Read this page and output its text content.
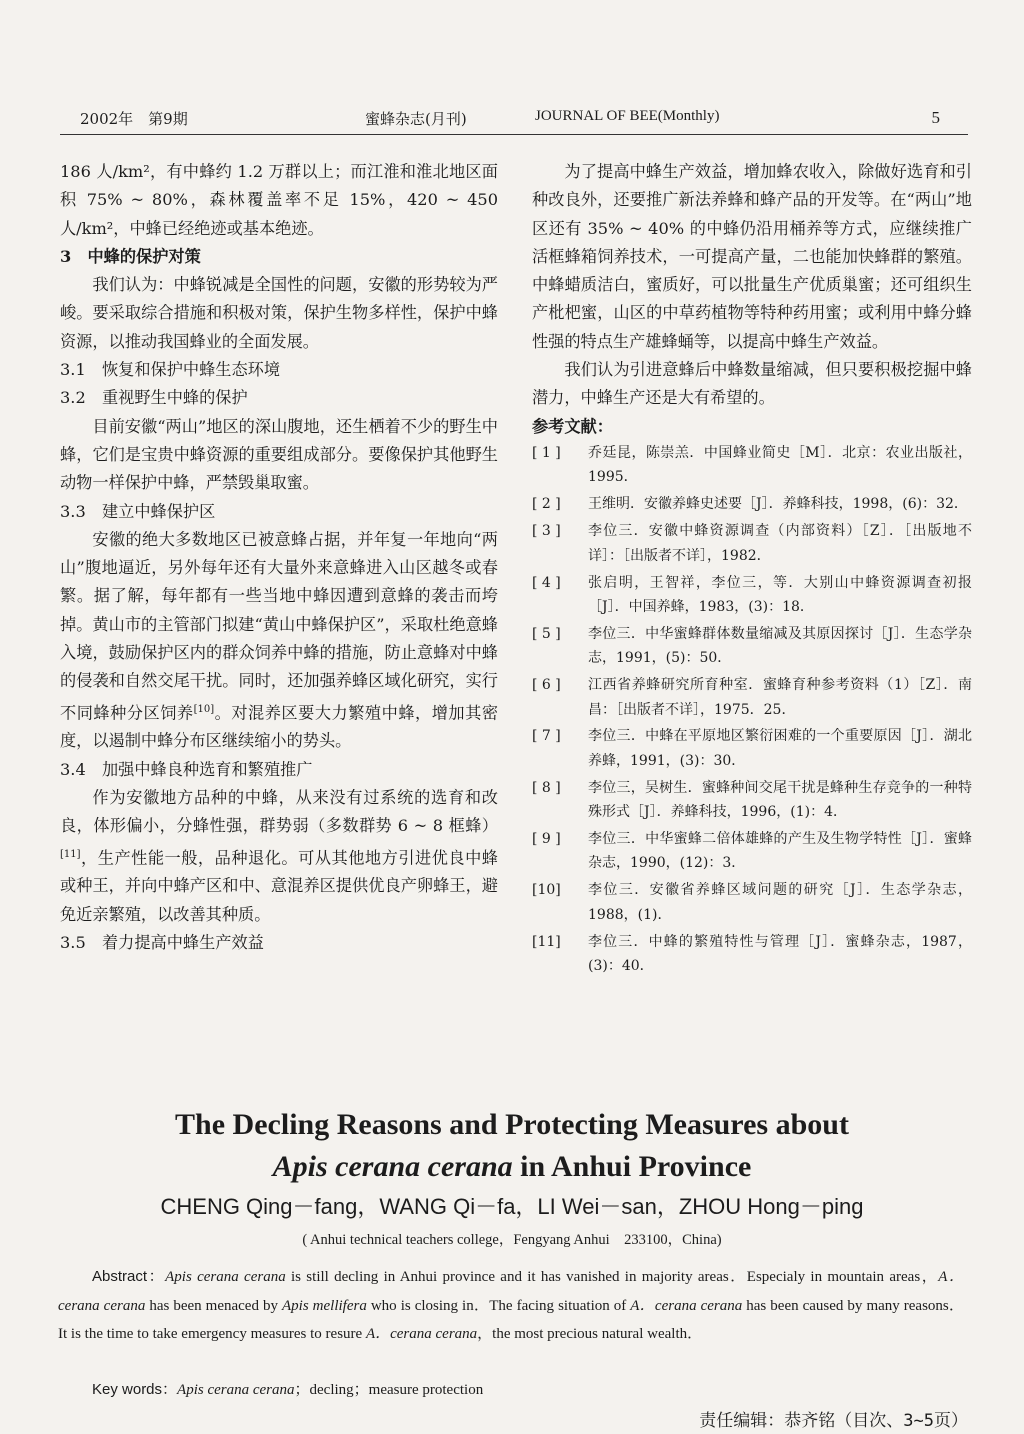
2002年　第9期	蜜蜂杂志(月刊)	JOURNAL OF BEE(Monthly)	5

186 人/km²，有中蜂约 1.2 万群以上；而江淮和淮北地区面积 75% ~ 80%，森林覆盖率不足 15%，420 ~ 450 人/km²，中蜂已经绝迹或基本绝迹。

3　中蜂的保护对策

我们认为：中蜂锐减是全国性的问题，安徽的形势较为严峻。要采取综合措施和积极对策，保护生物多样性，保护中蜂资源，以推动我国蜂业的全面发展。

3.1 恢复和保护中蜂生态环境

3.2 重视野生中蜂的保护

目前安徽“两山”地区的深山腹地，还生栖着不少的野生中蜂，它们是宝贵中蜂资源的重要组成部分。要像保护其他野生动物一样保护中蜂，严禁毁巢取蜜。

3.3 建立中蜂保护区

安徽的绝大多数地区已被意蜂占据，并年复一年地向“两山”腹地逼近，另外每年还有大量外来意蜂进入山区越冬或春繁。据了解，每年都有一些当地中蜂因遭到意蜂的袭击而垮掉。黄山市的主管部门拟建“黄山中蜂保护区”，采取杜绝意蜂入境，鼓励保护区内的群众饲养中蜂的措施，防止意蜂对中蜂的侵袭和自然交尾干扰。同时，还加强养蜂区域化研究，实行不同蜂种分区饲养[10]。对混养区要大力繁殖中蜂，增加其密度，以遏制中蜂分布区继续缩小的势头。

3.4 加强中蜂良种选育和繁殖推广

作为安徽地方品种的中蜂，从来没有过系统的选育和改良，体形偏小，分蜂性强，群势弱（多数群势 6 ~ 8 框蜂）[11]，生产性能一般，品种退化。可从其他地方引进优良中蜂或种王，并向中蜂产区和中、意混养区提供优良产卵蜂王，避免近亲繁殖，以改善其种质。

3.5 着力提高中蜂生产效益

为了提高中蜂生产效益，增加蜂农收入，除做好选育和引种改良外，还要推广新法养蜂和蜂产品的开发等。在“两山”地区还有 35% ~ 40% 的中蜂仍沿用桶养等方式，应继续推广活框蜂箱饲养技术，一可提高产量，二也能加快蜂群的繁殖。中蜂蜡质洁白，蜜质好，可以批量生产优质巢蜜；还可组织生产枇杷蜜，山区的中草药植物等特种药用蜜；或利用中蜂分蜂性强的特点生产雄蜂蛹等，以提高中蜂生产效益。

我们认为引进意蜂后中蜂数量缩减，但只要积极挖掘中蜂潜力，中蜂生产还是大有希望的。

参考文献：

[ 1 ]	乔廷昆，陈崇羔．中国蜂业简史［M］．北京：农业出版社，1995．
[ 2 ]	王维明．安徽养蜂史述要［J］．养蜂科技，1998，(6)：32．
[ 3 ]	李位三．安徽中蜂资源调查（内部资料）［Z］．［出版地不详］：［出版者不详］，1982．
[ 4 ]	张启明，王智祥，李位三，等．大别山中蜂资源调查初报［J］．中国养蜂，1983，(3)：18．
[ 5 ]	李位三．中华蜜蜂群体数量缩减及其原因探讨［J］．生态学杂志，1991，(5)：50．
[ 6 ]	江西省养蜂研究所育种室．蜜蜂育种参考资料（1）［Z］．南昌：［出版者不详］，1975．25．
[ 7 ]	李位三．中蜂在平原地区繁衍困难的一个重要原因［J］．湖北养蜂，1991，(3)：30．
[ 8 ]	李位三，吴树生．蜜蜂种间交尾干扰是蜂种生存竞争的一种特殊形式［J］．养蜂科技，1996，(1)：4．
[ 9 ]	李位三．中华蜜蜂二倍体雄蜂的产生及生物学特性［J］．蜜蜂杂志，1990，(12)：3．
[10]	李位三．安徽省养蜂区域问题的研究［J］．生态学杂志，1988，(1)．
[11]	李位三．中蜂的繁殖特性与管理［J］．蜜蜂杂志，1987，(3)：40．
The Decling Reasons and Protecting Measures about
Apis cerana cerana in Anhui Province
CHENG Qing－fang，WANG Qi－fa，LI Wei－san，ZHOU Hong－ping
( Anhui technical teachers college，Fengyang Anhui　233100，China)
Abstract：Apis cerana cerana is still decling in Anhui province and it has vanished in majority areas．Especialy in mountain areas，A．cerana cerana has been menaced by Apis mellifera who is closing in．The facing situation of A．cerana cerana has been caused by many reasons．It is the time to take emergency measures to resure A．cerana cerana，the most precious natural wealth．
Key words：Apis cerana cerana；decling；measure protection
责任编辑：恭齐铭（目次、3~5页）
